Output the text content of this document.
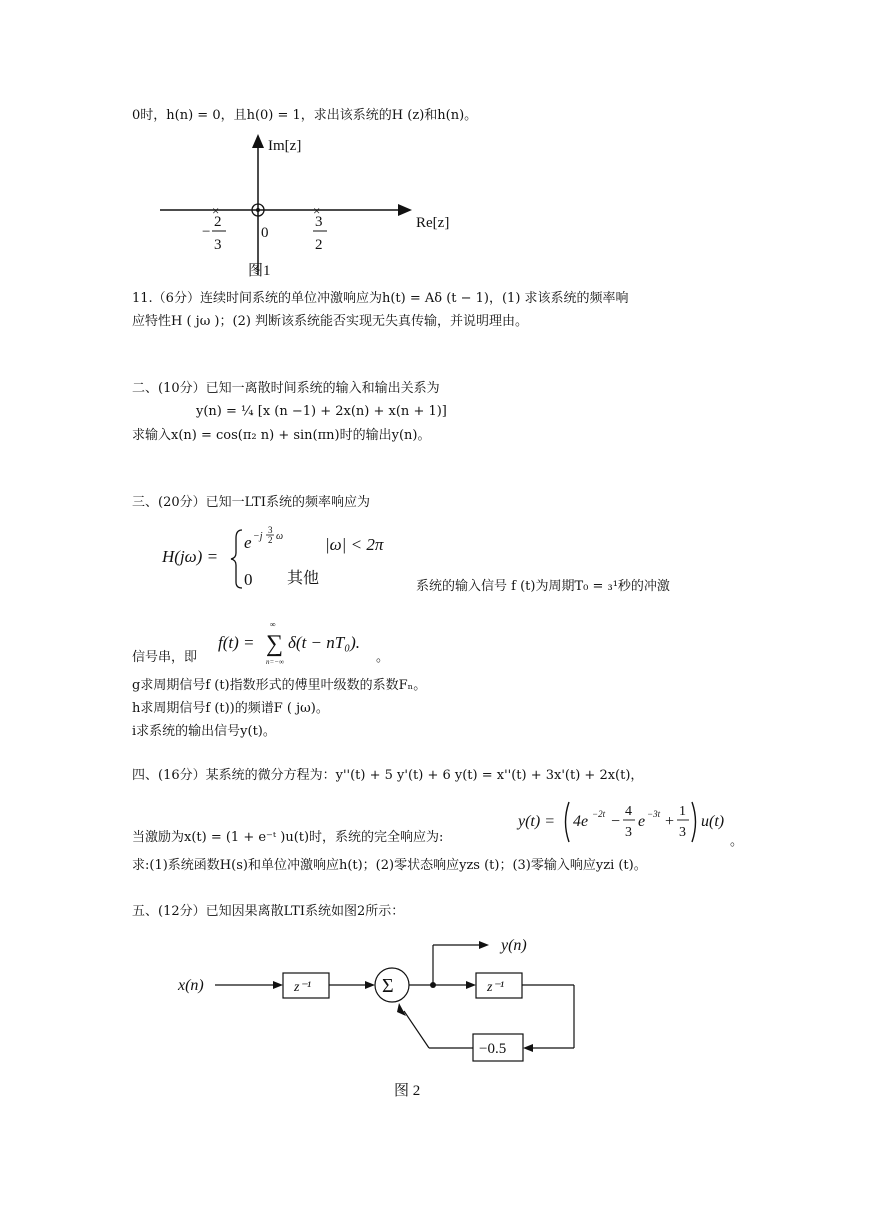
0时，h(n) = 0，且h(0) = 1，求出该系统的H (z)和h(n)。
Im[z]
Re[z]
×	×
−
2
3
0
3
2
图1
11.（6分）连续时间系统的单位冲激响应为h(t) = Aδ (t − 1)，(1) 求该系统的频率响
应特性H ( jω )；(2) 判断该系统能否实现无失真传输，并说明理由。
二、(10分）已知一离散时间系统的输入和输出关系为
y(n) = ¼ [x (n −1) + 2x(n) + x(n + 1)]
求输入x(n) = cos(π₂ n) + sin(πn)时的输出y(n)。
三、(20分）已知一LTI系统的频率响应为
H(jω) =
e −j
3
2 ω |ω| < 2π
0 其他	系统的输入信号 f (t)为周期T₀ = ₃¹秒的冲激
信号串，即
f(t) =
∞
∑
n=−∞
δ(t − nT₀).
。
g求周期信号f (t)指数形式的傅里叶级数的系数Fₙ。
h求周期信号f (t))的频谱F ( jω)。
i求系统的输出信号y(t)。
四、(16分）某系统的微分方程为：y''(t) + 5 y'(t) + 6 y(t) = x''(t) + 3x'(t) + 2x(t)，
当激励为x(t) = (1 + e⁻ᵗ )u(t)时，系统的完全响应为:
y(t) = 4e −2t −
4
3
e −3t +
1
3
u(t)
。
求:(1)系统函数H(s)和单位冲激响应h(t)；(2)零状态响应yzs (t)；(3)零输入响应yzi (t)。
五、(12分）已知因果离散LTI系统如图2所示：
x(n)	z⁻¹	Σ
y(n)
z⁻¹
−0.5
图 2
